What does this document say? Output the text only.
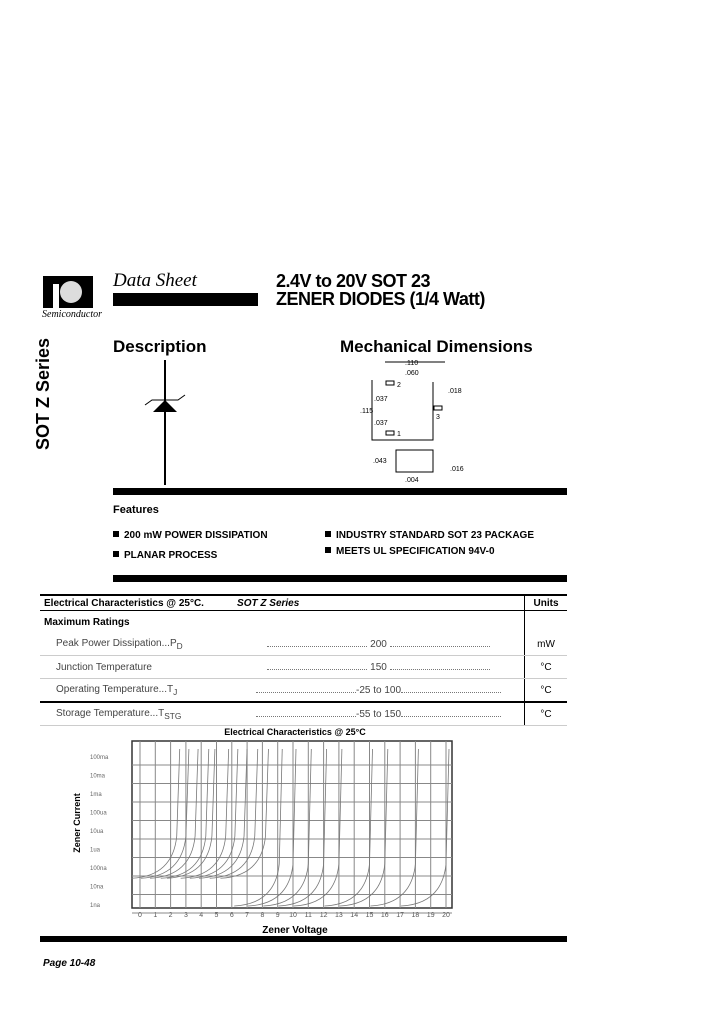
Semiconductor
Data Sheet	2.4V to 20V SOT 23
ZENER DIODES (1/4 Watt)
SOT Z Series	Description	Mechanical Dimensions
.110
.060
.037
.115
.037
.018
2
1
3
.043
.004
.016
Features
200 mW POWER DISSIPATION
PLANAR PROCESS
INDUSTRY STANDARD SOT 23 PACKAGE
MEETS UL SPECIFICATION 94V-0
Electrical Characteristics @ 25°C.	SOT Z Series	Units
Maximum Ratings		
Peak Power $Dissipation...P_D$	200	mW
Junction Temperature	150	°C
Operating $Temperature...T_J$	-25 to 100	°C
Storage $Temperature...T_{STG}$	-55 to 150	°C
Electrical Characteristics @ 25°C
Zener Voltage
Zener Current
0 1 2 3 4 5 6 7 8 9 10 11 12 13 14 15 16 17 18 19 20
100ma
10ma
1ma
100ua
10ua
1ua
100na
10na
1na
Page 10-48
